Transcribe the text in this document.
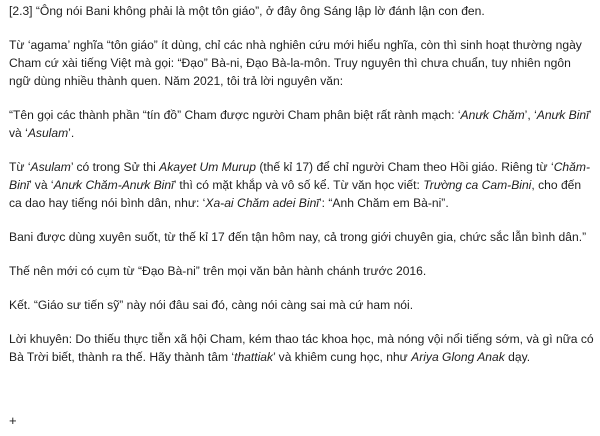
[2.3] “Ông nói Bani không phải là một tôn giáo”, ở đây ông Sáng lập lờ đánh lận con đen.

Từ ‘agama’ nghĩa “tôn giáo” ít dùng, chỉ các nhà nghiên cứu mới hiểu nghĩa, còn thì sinh hoạt thường ngày Cham cứ xài tiếng Việt mà gọi: “Đạo” Bà-ni, Đạo Bà-la-môn. Truy nguyên thì chưa chuẩn, tuy nhiên ngôn ngữ dùng nhiều thành quen. Năm 2021, tôi trả lời nguyên văn:

“Tên gọi các thành phần “tín đồ” Cham được người Cham phân biệt rất rành mạch: ‘Anưk Chăm’, ‘Anưk Binī’ và ‘Asulam’.

Từ ‘Asulam’ có trong Sử thi Akayet Um Murup (thế kỉ 17) để chỉ người Cham theo Hồi giáo. Riêng từ ‘Chăm-Binī’ và ‘Anưk Chăm-Anưk Binī’ thì có mặt khắp và vô số kể. Từ văn học viết: Trường ca Cam-Bini, cho đến ca dao hay tiếng nói bình dân, như: ‘Xa-ai Chăm adei Binī’: “Anh Chăm em Bà-ni”.

Bani được dùng xuyên suốt, từ thế kỉ 17 đến tận hôm nay, cả trong giới chuyên gia, chức sắc lẫn bình dân.”

Thế nên mới có cụm từ “Đạo Bà-ni” trên mọi văn bản hành chánh trước 2016.

Kết. “Giáo sư tiến sỹ” này nói đâu sai đó, càng nói càng sai mà cứ ham nói.

Lời khuyên: Do thiếu thực tiễn xã hội Cham, kém thao tác khoa học, mà nóng vội nổi tiếng sớm, và gì nữa có Bà Trời biết, thành ra thế. Hãy thành tâm ‘thattiak’ và khiêm cung học, như Ariya Glong Anak dạy.

+
